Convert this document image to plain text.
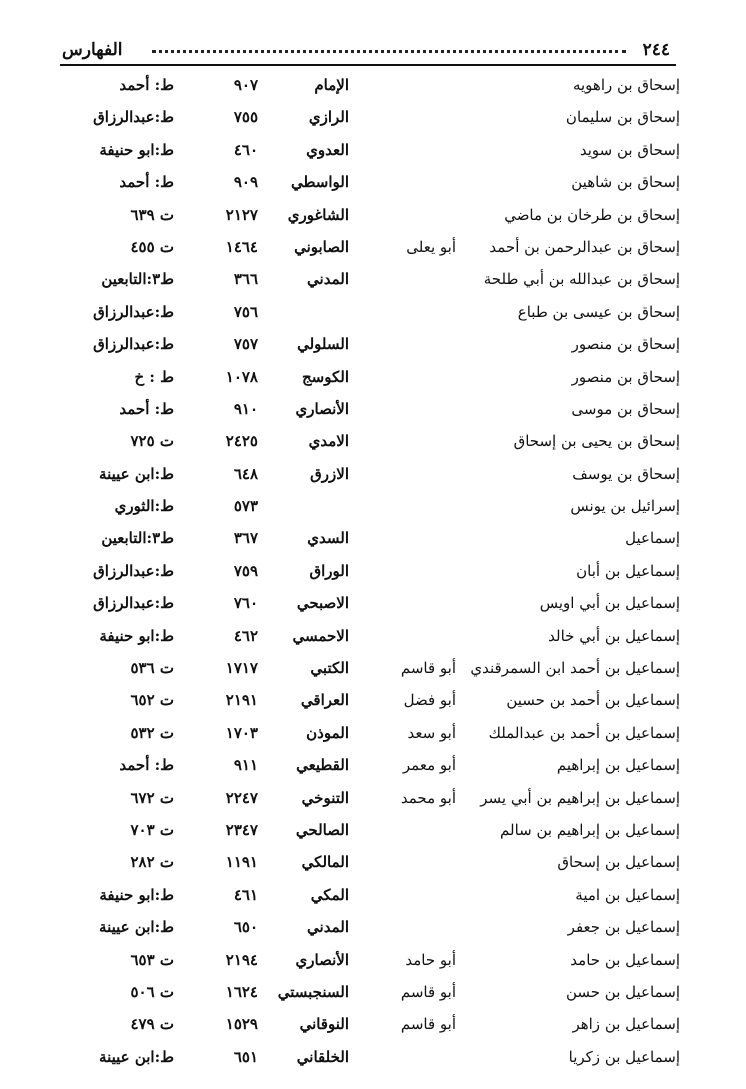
٢٤٤
الفهارس
إسحاق بن راهويه
الإمام
٩٠٧
ط: أحمد
إسحاق بن سليمان
الرازي
٧٥٥
ط:عبدالرزاق
إسحاق بن سويد
العدوي
٤٦٠
ط:ابو حنيفة
إسحاق بن شاهين
الواسطي
٩٠٩
ط: أحمد
إسحاق بن طرخان بن ماضي
الشاغوري
٢١٢٧
ت ٦٣٩
إسحاق بن عبدالرحمن بن أحمد
أبو يعلى
الصابوني
١٤٦٤
ت ٤٥٥
إسحاق بن عبدالله بن أبي طلحة
المدني
٣٦٦
ط٣:التابعين
إسحاق بن عيسى بن طباع
٧٥٦
ط:عبدالرزاق
إسحاق بن منصور
السلولي
٧٥٧
ط:عبدالرزاق
إسحاق بن منصور
الكوسج
١٠٧٨
ط : خ
إسحاق بن موسى
الأنصاري
٩١٠
ط: أحمد
إسحاق بن يحيى بن إسحاق
الامدي
٢٤٢٥
ت ٧٢٥
إسحاق بن يوسف
الازرق
٦٤٨
ط:ابن عيينة
إسرائيل بن يونس
٥٧٣
ط:الثوري
إسماعيل
السدي
٣٦٧
ط٣:التابعين
إسماعيل بن أبان
الوراق
٧٥٩
ط:عبدالرزاق
إسماعيل بن أبي اويس
الاصبحي
٧٦٠
ط:عبدالرزاق
إسماعيل بن أبي خالد
الاحمسي
٤٦٢
ط:ابو حنيفة
إسماعيل بن أحمد ابن السمرقندي
أبو قاسم
الكتبي
١٧١٧
ت ٥٣٦
إسماعيل بن أحمد بن حسين
أبو فضل
العراقي
٢١٩١
ت ٦٥٢
إسماعيل بن أحمد بن عبدالملك
أبو سعد
الموذن
١٧٠٣
ت ٥٣٢
إسماعيل بن إبراهيم
أبو معمر
القطيعي
٩١١
ط: أحمد
إسماعيل بن إبراهيم بن أبي يسر
أبو محمد
التنوخي
٢٢٤٧
ت ٦٧٢
إسماعيل بن إبراهيم بن سالم
الصالحي
٢٣٤٧
ت ٧٠٣
إسماعيل بن إسحاق
المالكي
١١٩١
ت ٢٨٢
إسماعيل بن امية
المكي
٤٦١
ط:ابو حنيفة
إسماعيل بن جعفر
المدني
٦٥٠
ط:ابن عيينة
إسماعيل بن حامد
أبو حامد
الأنصاري
٢١٩٤
ت ٦٥٣
إسماعيل بن حسن
أبو قاسم
السنجبستي
١٦٢٤
ت ٥٠٦
إسماعيل بن زاهر
أبو قاسم
النوقاني
١٥٢٩
ت ٤٧٩
إسماعيل بن زكريا
الخلقاني
٦٥١
ط:ابن عيينة
